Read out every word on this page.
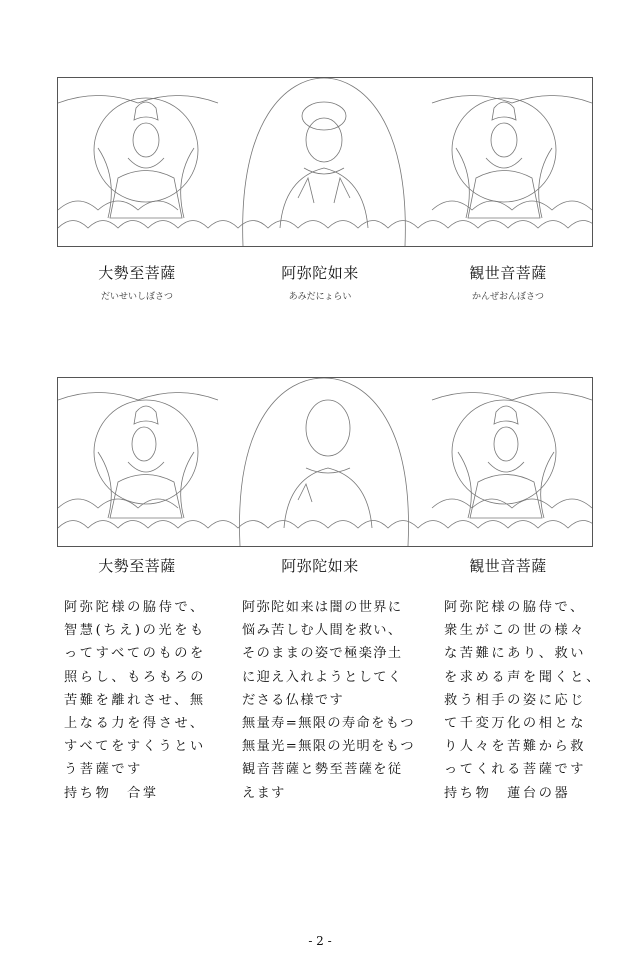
大勢至菩薩
だいせいしぼさつ
阿弥陀如来
あみだにょらい
観世音菩薩
かんぜおんぼさつ
大勢至菩薩	阿弥陀如来	観世音菩薩
阿弥陀様の脇侍で、
智慧(ちえ)の光をも
ってすべてのものを
照らし、もろもろの
苦難を離れさせ、無
上なる力を得させ、
すべてをすくうとい
う菩薩です
持ち物　合掌
阿弥陀如来は闇の世界に
悩み苦しむ人間を救い、
そのままの姿で極楽浄土
に迎え入れようとしてく
ださる仏様です
無量寿=無限の寿命をもつ
無量光=無限の光明をもつ
観音菩薩と勢至菩薩を従
えます
阿弥陀様の脇侍で、
衆生がこの世の様々
な苦難にあり、救い
を求める声を聞くと、
救う相手の姿に応じ
て千変万化の相とな
り人々を苦難から救
ってくれる菩薩です
持ち物　蓮台の器
- 2 -
